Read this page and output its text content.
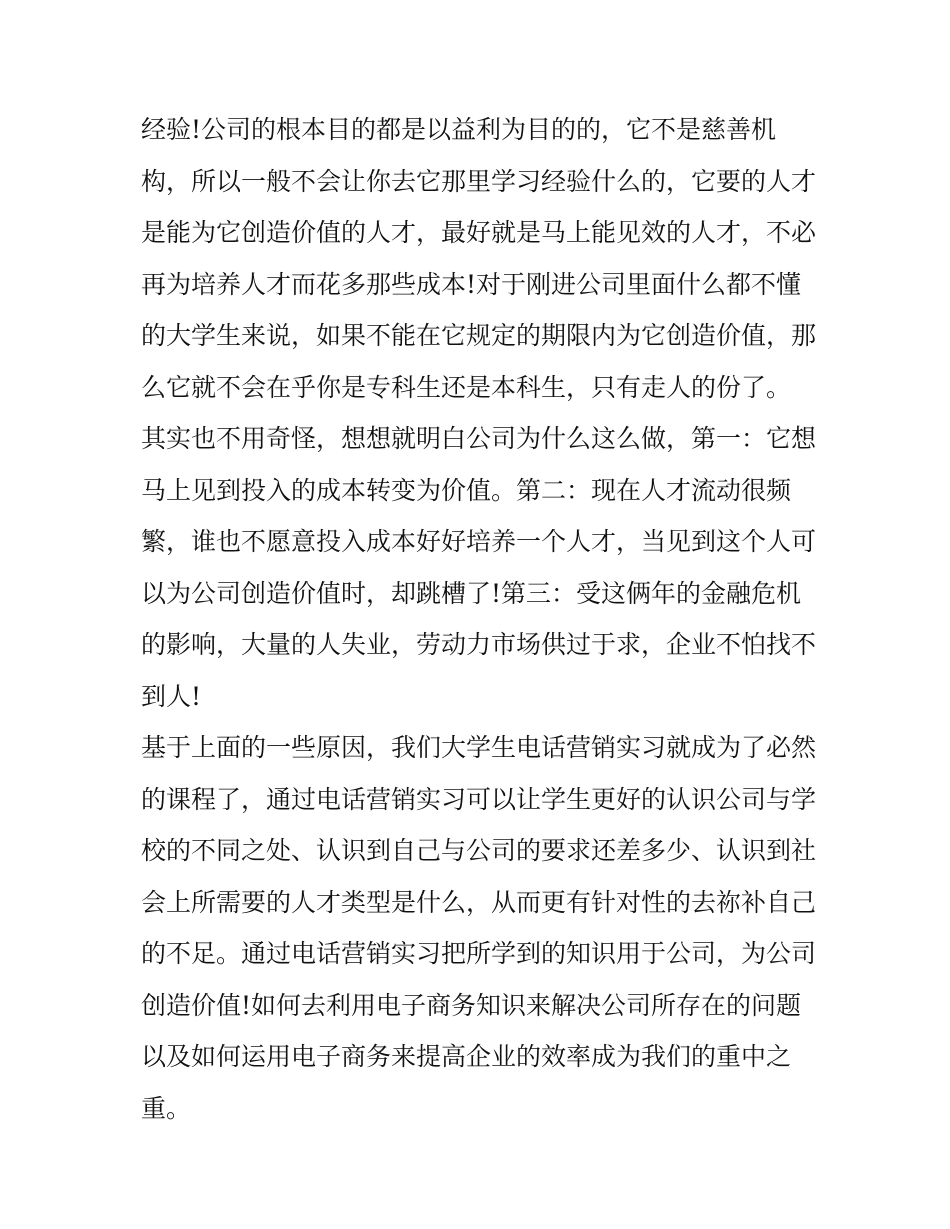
经验!公司的根本目的都是以益利为目的的，它不是慈善机
构，所以一般不会让你去它那里学习经验什么的，它要的人才
是能为它创造价值的人才，最好就是马上能见效的人才，不必
再为培养人才而花多那些成本!对于刚进公司里面什么都不懂
的大学生来说，如果不能在它规定的期限内为它创造价值，那
么它就不会在乎你是专科生还是本科生，只有走人的份了。
其实也不用奇怪，想想就明白公司为什么这么做，第一：它想
马上见到投入的成本转变为价值。第二：现在人才流动很频
繁，谁也不愿意投入成本好好培养一个人才，当见到这个人可
以为公司创造价值时，却跳槽了!第三：受这俩年的金融危机
的影响，大量的人失业，劳动力市场供过于求，企业不怕找不
到人!
基于上面的一些原因，我们大学生电话营销实习就成为了必然
的课程了，通过电话营销实习可以让学生更好的认识公司与学
校的不同之处、认识到自己与公司的要求还差多少、认识到社
会上所需要的人才类型是什么，从而更有针对性的去祢补自己
的不足。通过电话营销实习把所学到的知识用于公司，为公司
创造价值!如何去利用电子商务知识来解决公司所存在的问题
以及如何运用电子商务来提高企业的效率成为我们的重中之
重。
